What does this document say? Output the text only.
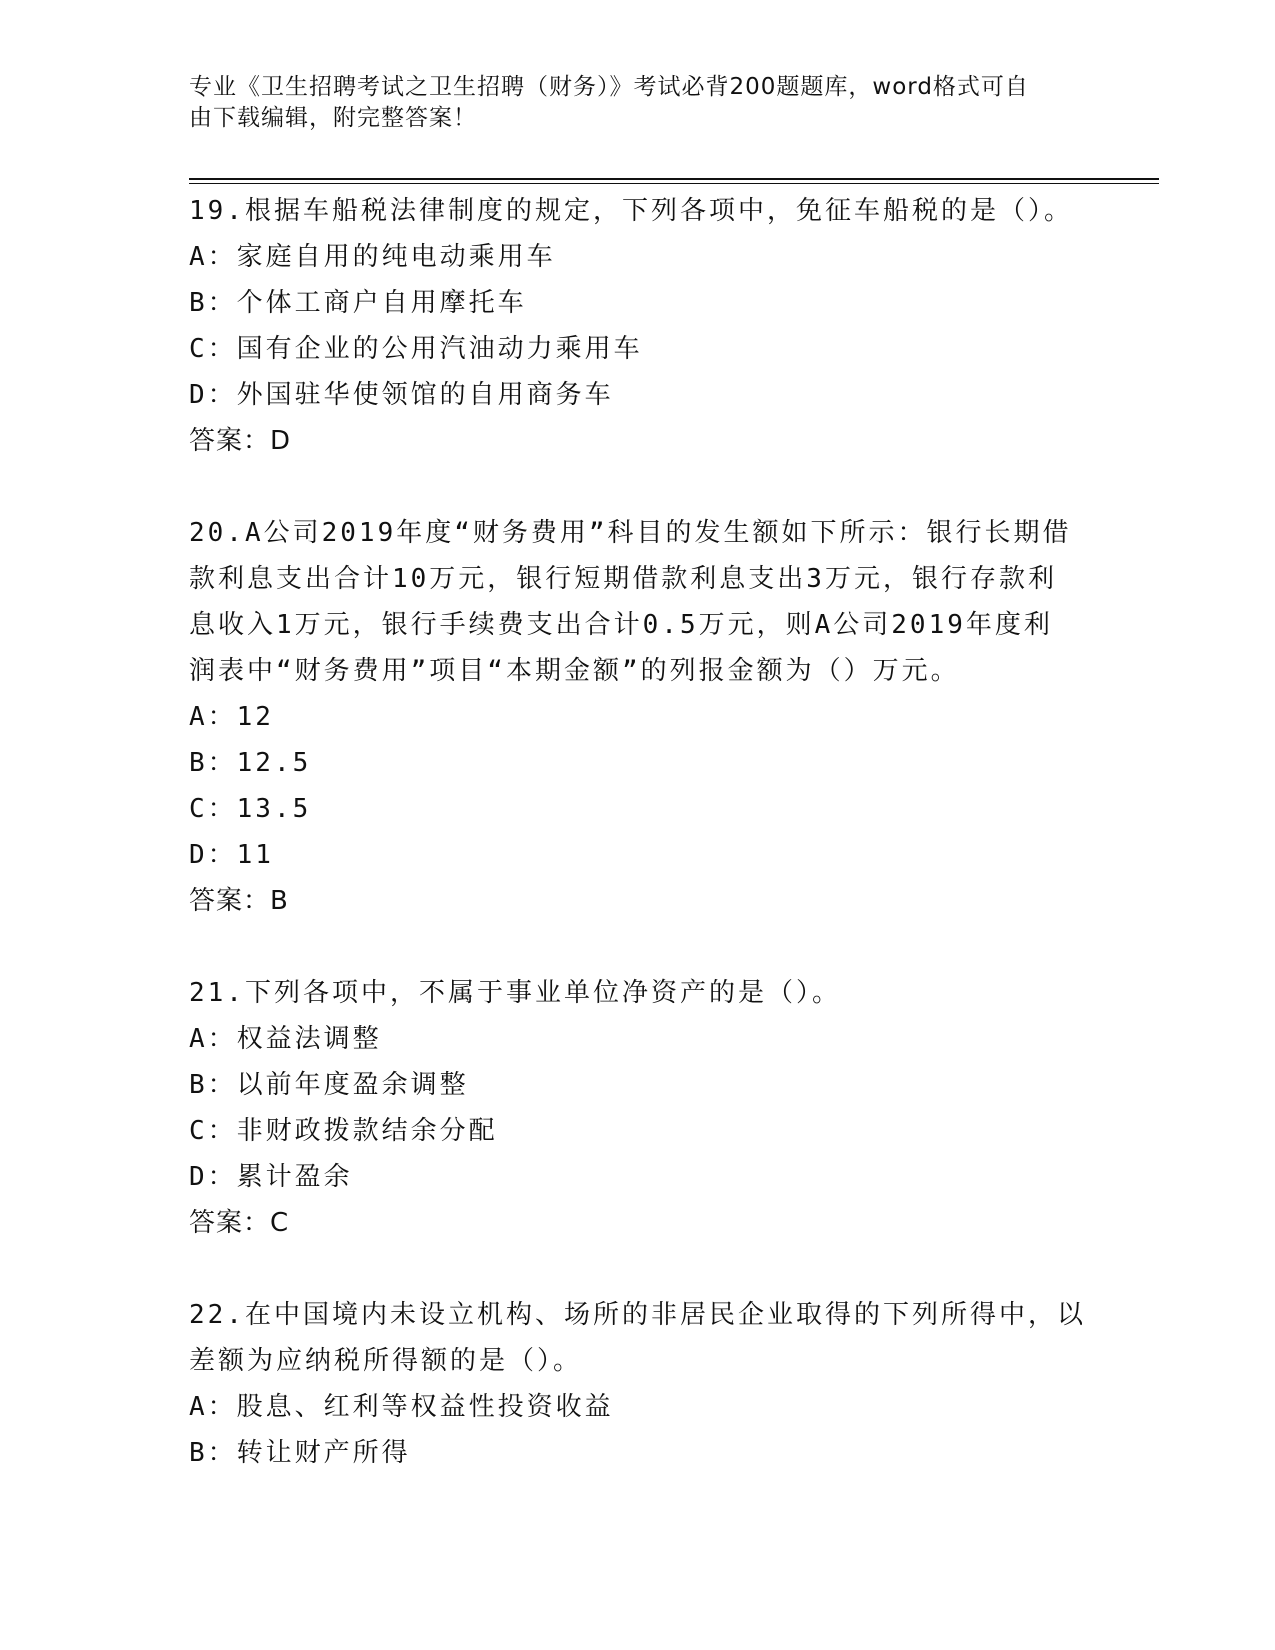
专业《卫生招聘考试之卫生招聘（财务）》考试必背200题题库，word格式可自
由下载编辑，附完整答案！
19.根据车船税法律制度的规定，下列各项中，免征车船税的是（）。
A：家庭自用的纯电动乘用车
B：个体工商户自用摩托车
C：国有企业的公用汽油动力乘用车
D：外国驻华使领馆的自用商务车
答案：D
20.A公司2019年度“财务费用”科目的发生额如下所示：银行长期借
款利息支出合计10万元，银行短期借款利息支出3万元，银行存款利
息收入1万元，银行手续费支出合计0.5万元，则A公司2019年度利
润表中“财务费用”项目“本期金额”的列报金额为（）万元。
A：12
B：12.5
C：13.5
D：11
答案：B
21.下列各项中，不属于事业单位净资产的是（）。
A：权益法调整
B：以前年度盈余调整
C：非财政拨款结余分配
D：累计盈余
答案：C
22.在中国境内未设立机构、场所的非居民企业取得的下列所得中，以
差额为应纳税所得额的是（）。
A：股息、红利等权益性投资收益
B：转让财产所得
